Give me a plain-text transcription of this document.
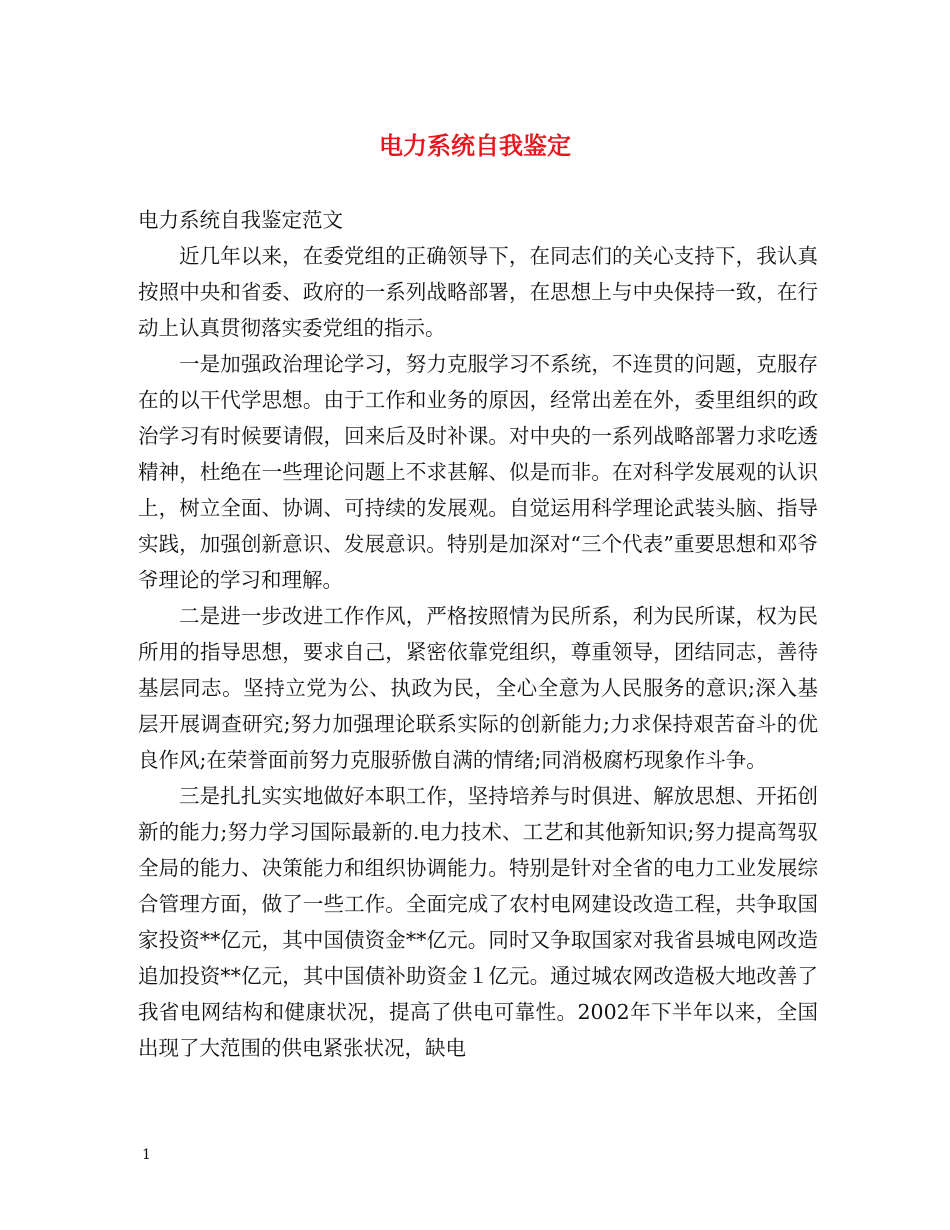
电力系统自我鉴定

电力系统自我鉴定范文

近几年以来，在委党组的正确领导下，在同志们的关心支持下，我认真按照中央和省委、政府的一系列战略部署，在思想上与中央保持一致，在行动上认真贯彻落实委党组的指示。

一是加强政治理论学习，努力克服学习不系统，不连贯的问题，克服存在的以干代学思想。由于工作和业务的原因，经常出差在外，委里组织的政治学习有时候要请假，回来后及时补课。对中央的一系列战略部署力求吃透精神，杜绝在一些理论问题上不求甚解、似是而非。在对科学发展观的认识上，树立全面、协调、可持续的发展观。自觉运用科学理论武装头脑、指导实践，加强创新意识、发展意识。特别是加深对“三个代表”重要思想和邓爷爷理论的学习和理解。

二是进一步改进工作作风，严格按照情为民所系，利为民所谋，权为民所用的指导思想，要求自己，紧密依靠党组织，尊重领导，团结同志，善待基层同志。坚持立党为公、执政为民，全心全意为人民服务的意识;深入基层开展调查研究;努力加强理论联系实际的创新能力;力求保持艰苦奋斗的优良作风;在荣誉面前努力克服骄傲自满的情绪;同消极腐朽现象作斗争。

三是扎扎实实地做好本职工作，坚持培养与时俱进、解放思想、开拓创新的能力;努力学习国际最新的.电力技术、工艺和其他新知识;努力提高驾驭全局的能力、决策能力和组织协调能力。特别是针对全省的电力工业发展综合管理方面，做了一些工作。全面完成了农村电网建设改造工程，共争取国家投资**亿元，其中国债资金**亿元。同时又争取国家对我省县城电网改造追加投资**亿元，其中国债补助资金１亿元。通过城农网改造极大地改善了我省电网结构和健康状况，提高了供电可靠性。2002年下半年以来，全国出现了大范围的供电紧张状况，缺电

1
